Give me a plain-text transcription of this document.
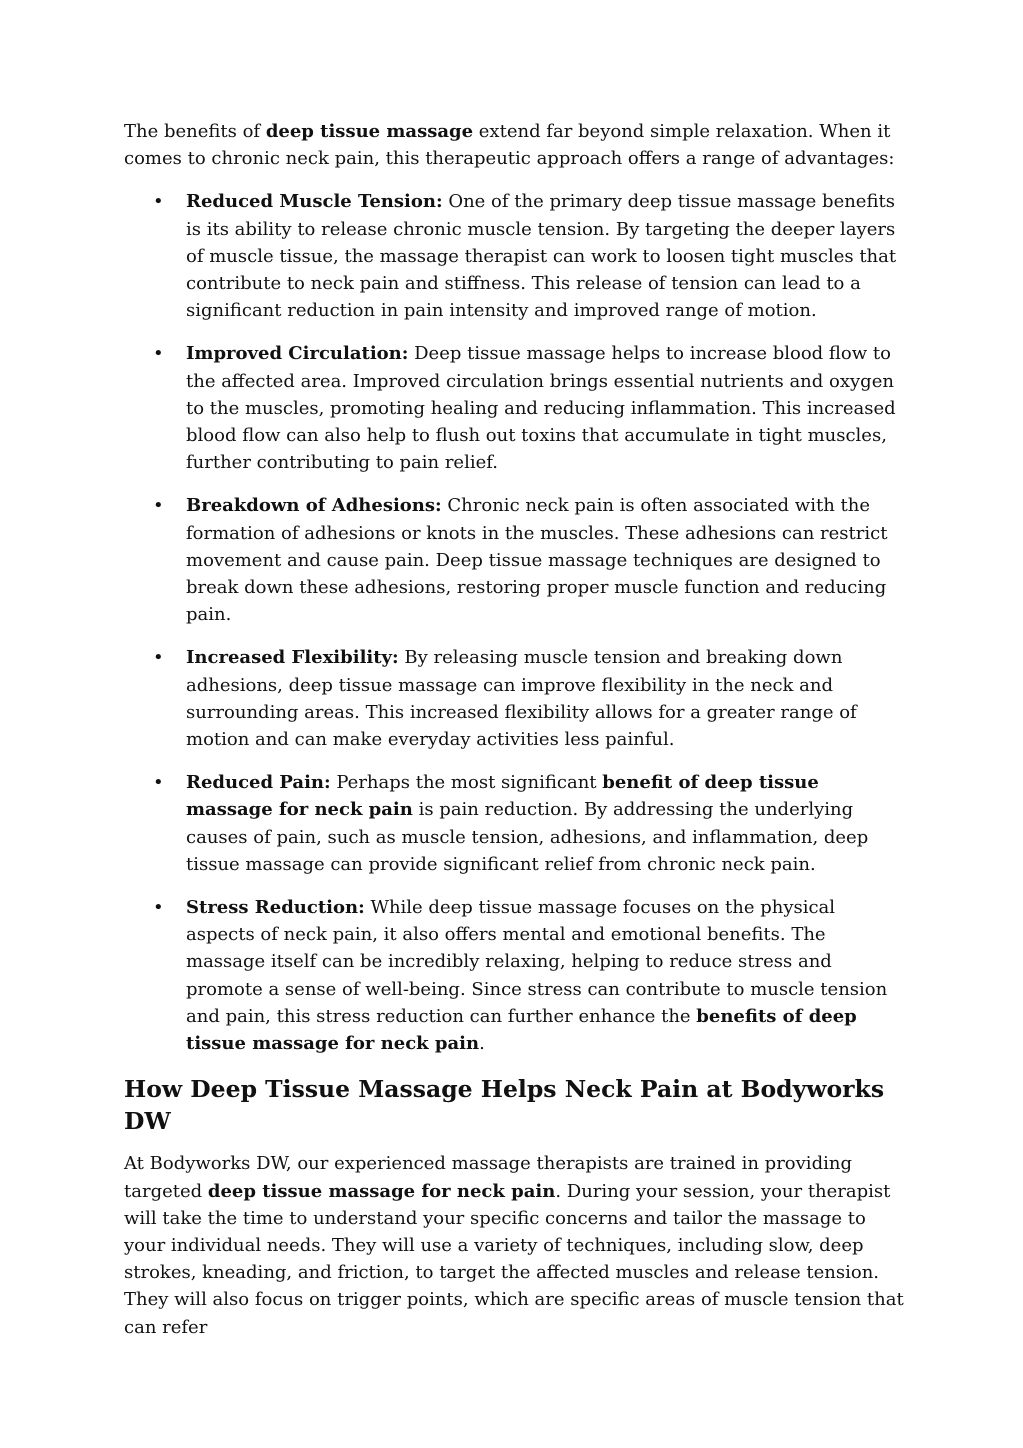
The benefits of deep tissue massage extend far beyond simple relaxation. When it comes to chronic neck pain, this therapeutic approach offers a range of advantages:

• Reduced Muscle Tension: One of the primary deep tissue massage benefits is its ability to release chronic muscle tension. By targeting the deeper layers of muscle tissue, the massage therapist can work to loosen tight muscles that contribute to neck pain and stiffness. This release of tension can lead to a significant reduction in pain intensity and improved range of motion.
• Improved Circulation: Deep tissue massage helps to increase blood flow to the affected area. Improved circulation brings essential nutrients and oxygen to the muscles, promoting healing and reducing inflammation. This increased blood flow can also help to flush out toxins that accumulate in tight muscles, further contributing to pain relief.
• Breakdown of Adhesions: Chronic neck pain is often associated with the formation of adhesions or knots in the muscles. These adhesions can restrict movement and cause pain. Deep tissue massage techniques are designed to break down these adhesions, restoring proper muscle function and reducing pain.
• Increased Flexibility: By releasing muscle tension and breaking down adhesions, deep tissue massage can improve flexibility in the neck and surrounding areas. This increased flexibility allows for a greater range of motion and can make everyday activities less painful.
• Reduced Pain: Perhaps the most significant benefit of deep tissue massage for neck pain is pain reduction. By addressing the underlying causes of pain, such as muscle tension, adhesions, and inflammation, deep tissue massage can provide significant relief from chronic neck pain.
• Stress Reduction: While deep tissue massage focuses on the physical aspects of neck pain, it also offers mental and emotional benefits. The massage itself can be incredibly relaxing, helping to reduce stress and promote a sense of well-being. Since stress can contribute to muscle tension and pain, this stress reduction can further enhance the benefits of deep tissue massage for neck pain.
How Deep Tissue Massage Helps Neck Pain at Bodyworks DW

At Bodyworks DW, our experienced massage therapists are trained in providing targeted deep tissue massage for neck pain. During your session, your therapist will take the time to understand your specific concerns and tailor the massage to your individual needs. They will use a variety of techniques, including slow, deep strokes, kneading, and friction, to target the affected muscles and release tension. They will also focus on trigger points, which are specific areas of muscle tension that can refer
